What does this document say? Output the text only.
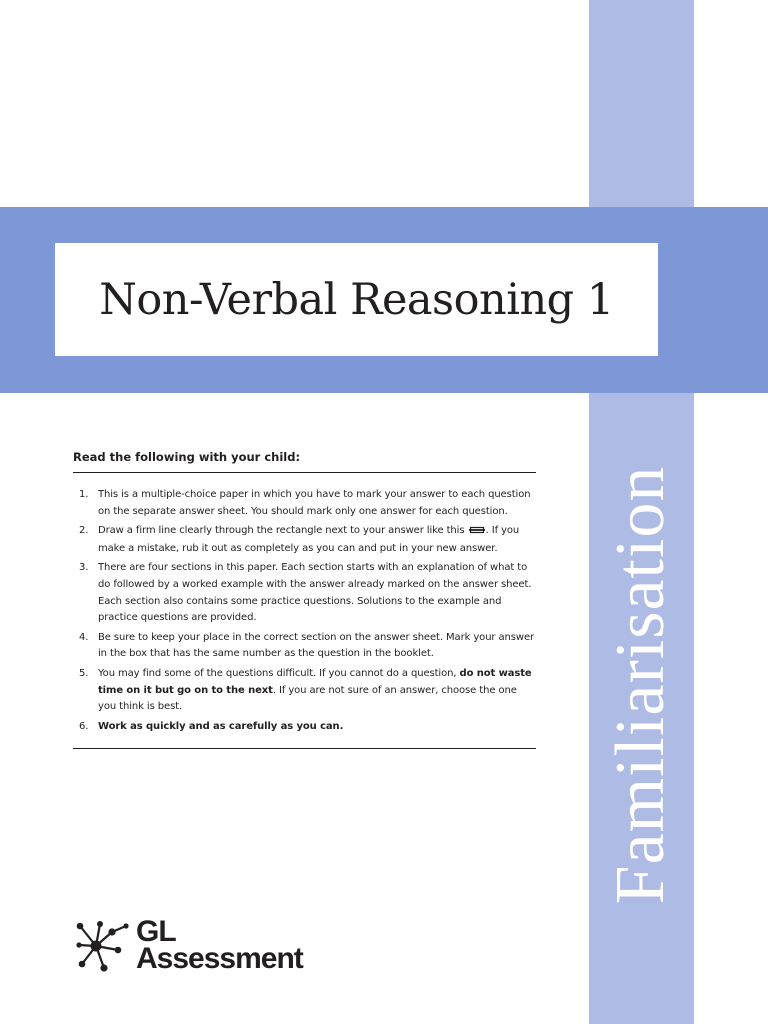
Non-Verbal Reasoning 1
Familiarisation

Read the following with your child:

1. This is a multiple-choice paper in which you have to mark your answer to each question on the separate answer sheet. You should mark only one answer for each question.
2. Draw a firm line clearly through the rectangle next to your answer like this . If you make a mistake, rub it out as completely as you can and put in your new answer.
3. There are four sections in this paper. Each section starts with an explanation of what to do followed by a worked example with the answer already marked on the answer sheet. Each section also contains some practice questions. Solutions to the example and practice questions are provided.
4. Be sure to keep your place in the correct section on the answer sheet. Mark your answer in the box that has the same number as the question in the booklet.
5. You may find some of the questions difficult. If you cannot do a question, do not waste time on it but go on to the next. If you are not sure of an answer, choose the one you think is best.
6. Work as quickly and as carefully as you can.
GL
Assessment
